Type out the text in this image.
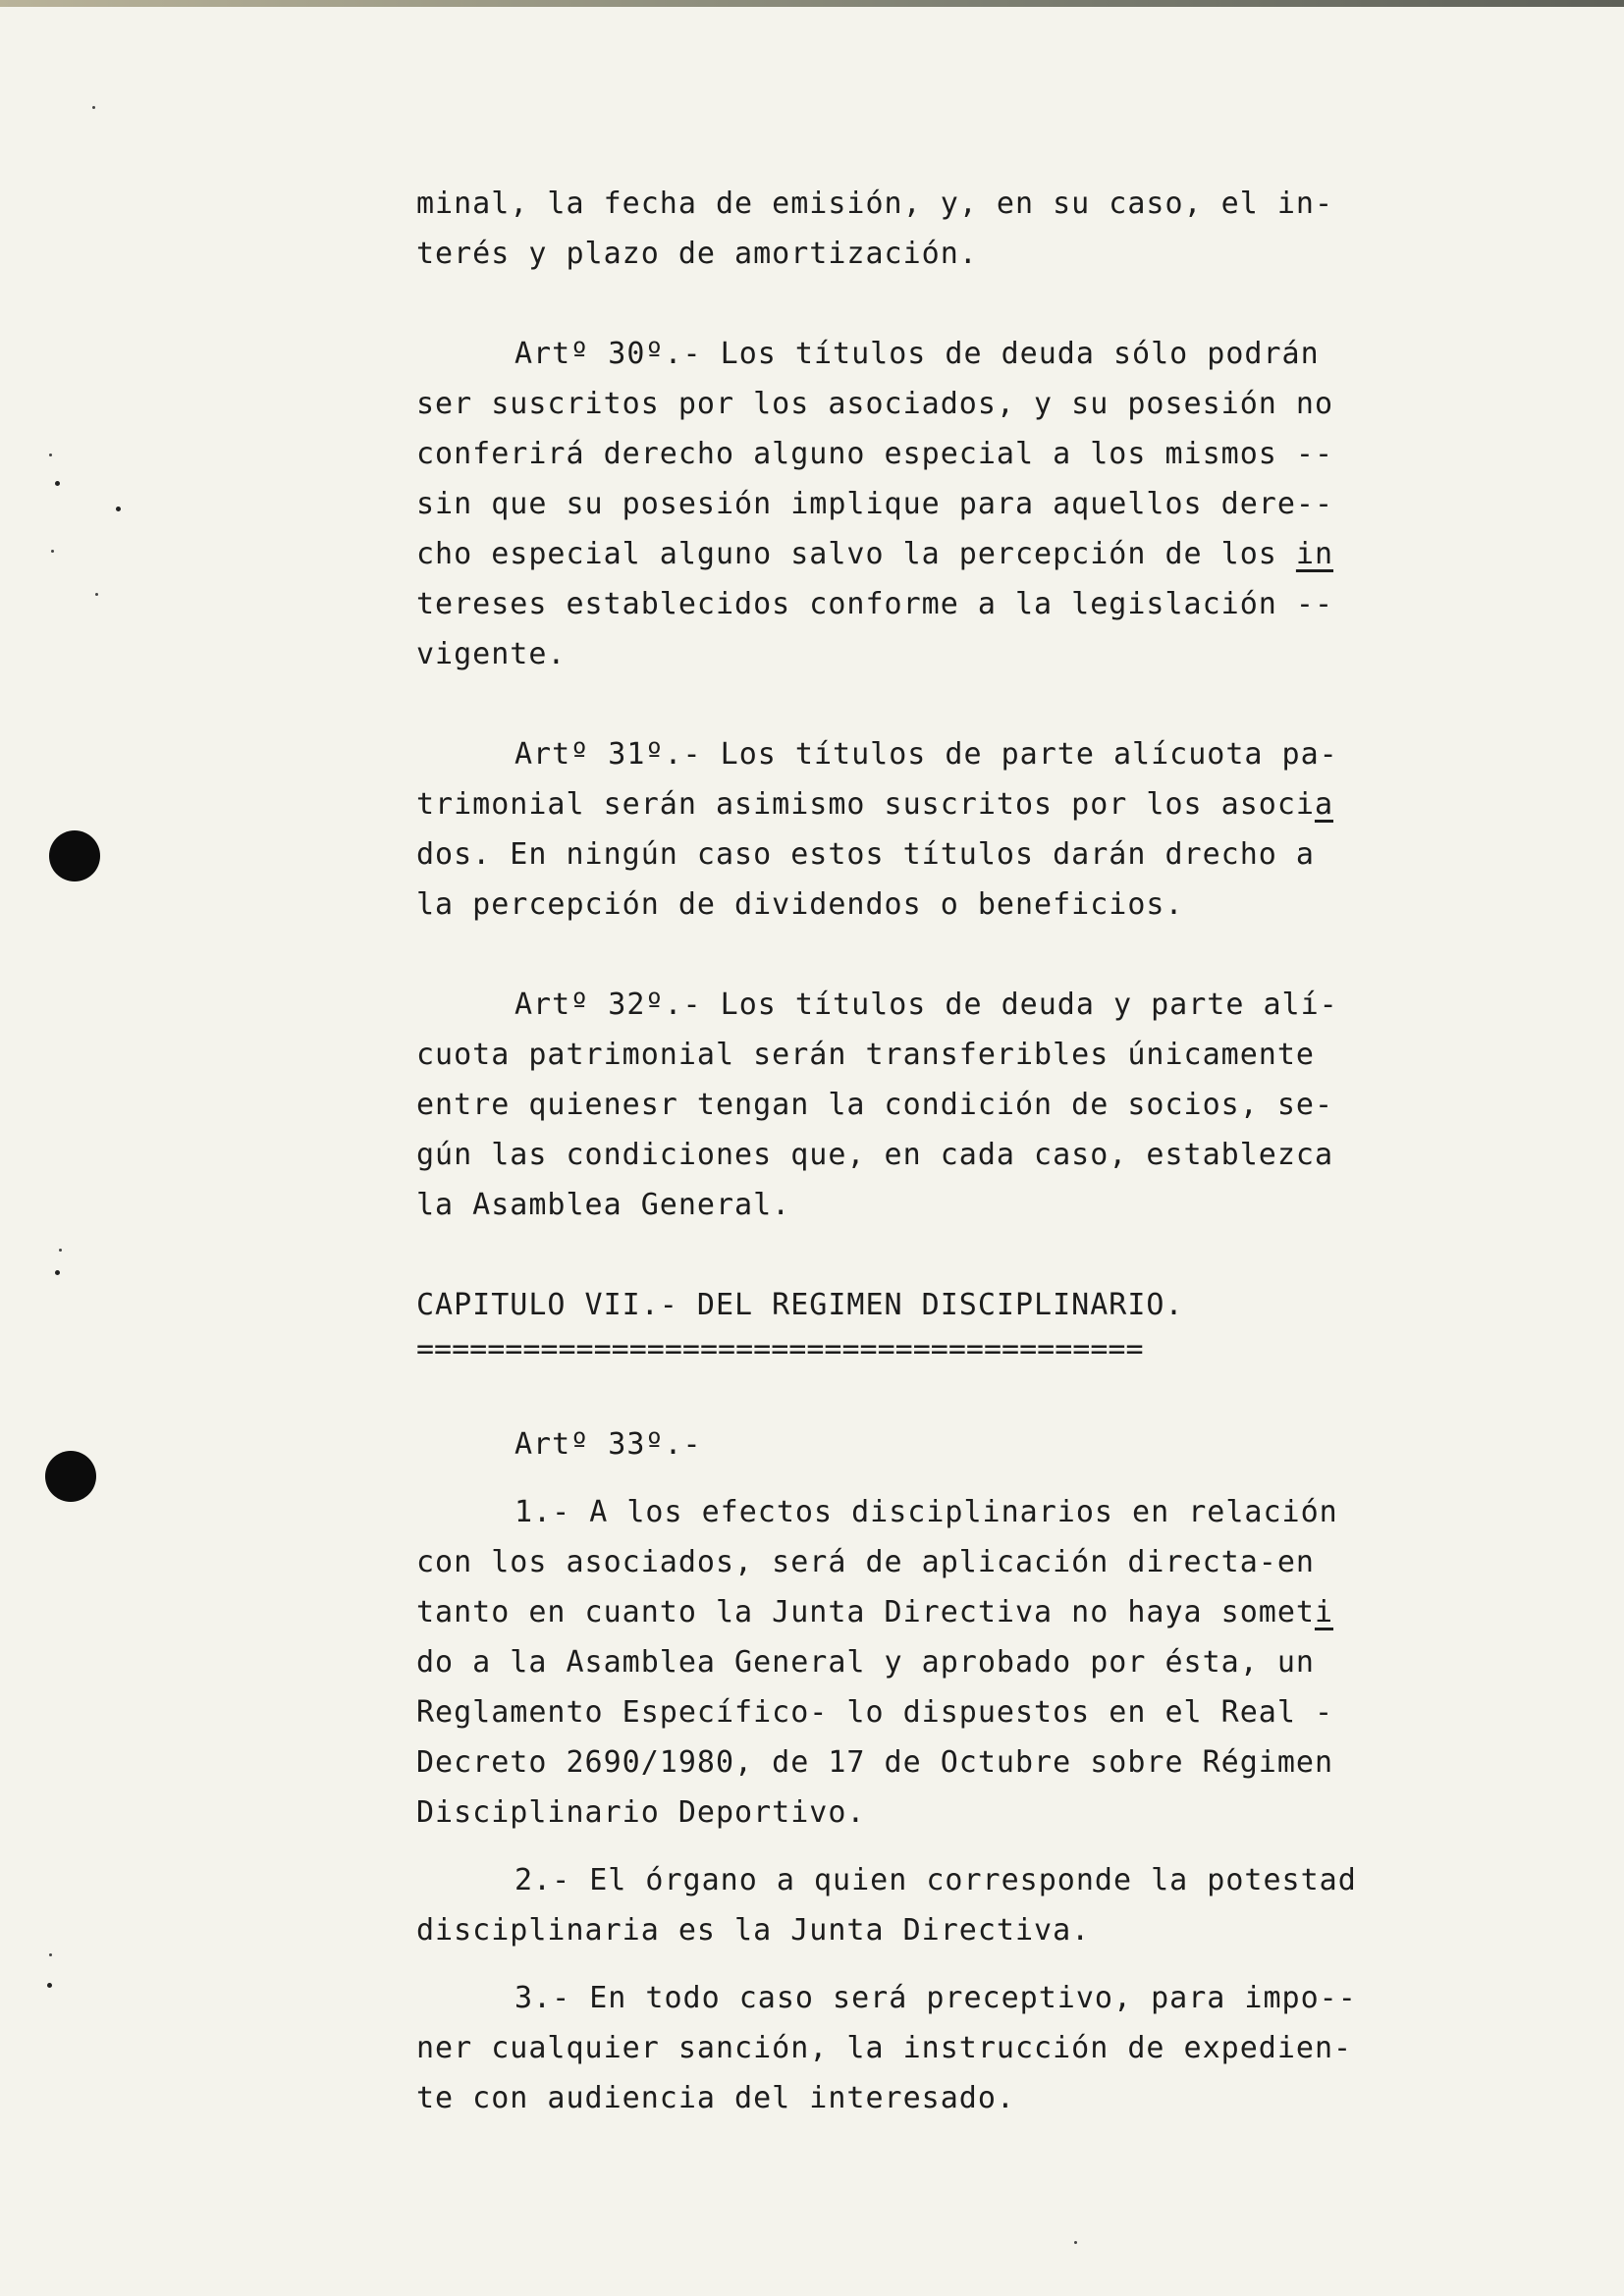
minal, la fecha de emisión, y, en su caso, el in-
terés y plazo de amortización.
Artº 30º.- Los títulos de deuda sólo podrán
ser suscritos por los asociados, y su posesión no
conferirá derecho alguno especial a los mismos --
sin que su posesión implique para aquellos dere--
cho especial alguno salvo la percepción de los in
tereses establecidos conforme a la legislación --
vigente.
Artº 31º.- Los títulos de parte alícuota pa-
trimonial serán asimismo suscritos por los asocia
dos. En ningún caso estos títulos darán drecho a
la percepción de dividendos o beneficios.
Artº 32º.- Los títulos de deuda y parte alí-
cuota patrimonial serán transferibles únicamente
entre quienesr tengan la condición de socios, se-
gún las condiciones que, en cada caso, establezca
la Asamblea General.
CAPITULO VII.- DEL REGIMEN DISCIPLINARIO.
=========================================
Artº 33º.-
1.- A los efectos disciplinarios en relación
con los asociados, será de aplicación directa-en
tanto en cuanto la Junta Directiva no haya someti
do a la Asamblea General y aprobado por ésta, un
Reglamento Específico- lo dispuestos en el Real -
Decreto 2690/1980, de 17 de Octubre sobre Régimen
Disciplinario Deportivo.
2.- El órgano a quien corresponde la potestad
disciplinaria es la Junta Directiva.
3.- En todo caso será preceptivo, para impo--
ner cualquier sanción, la instrucción de expedien-
te con audiencia del interesado.
